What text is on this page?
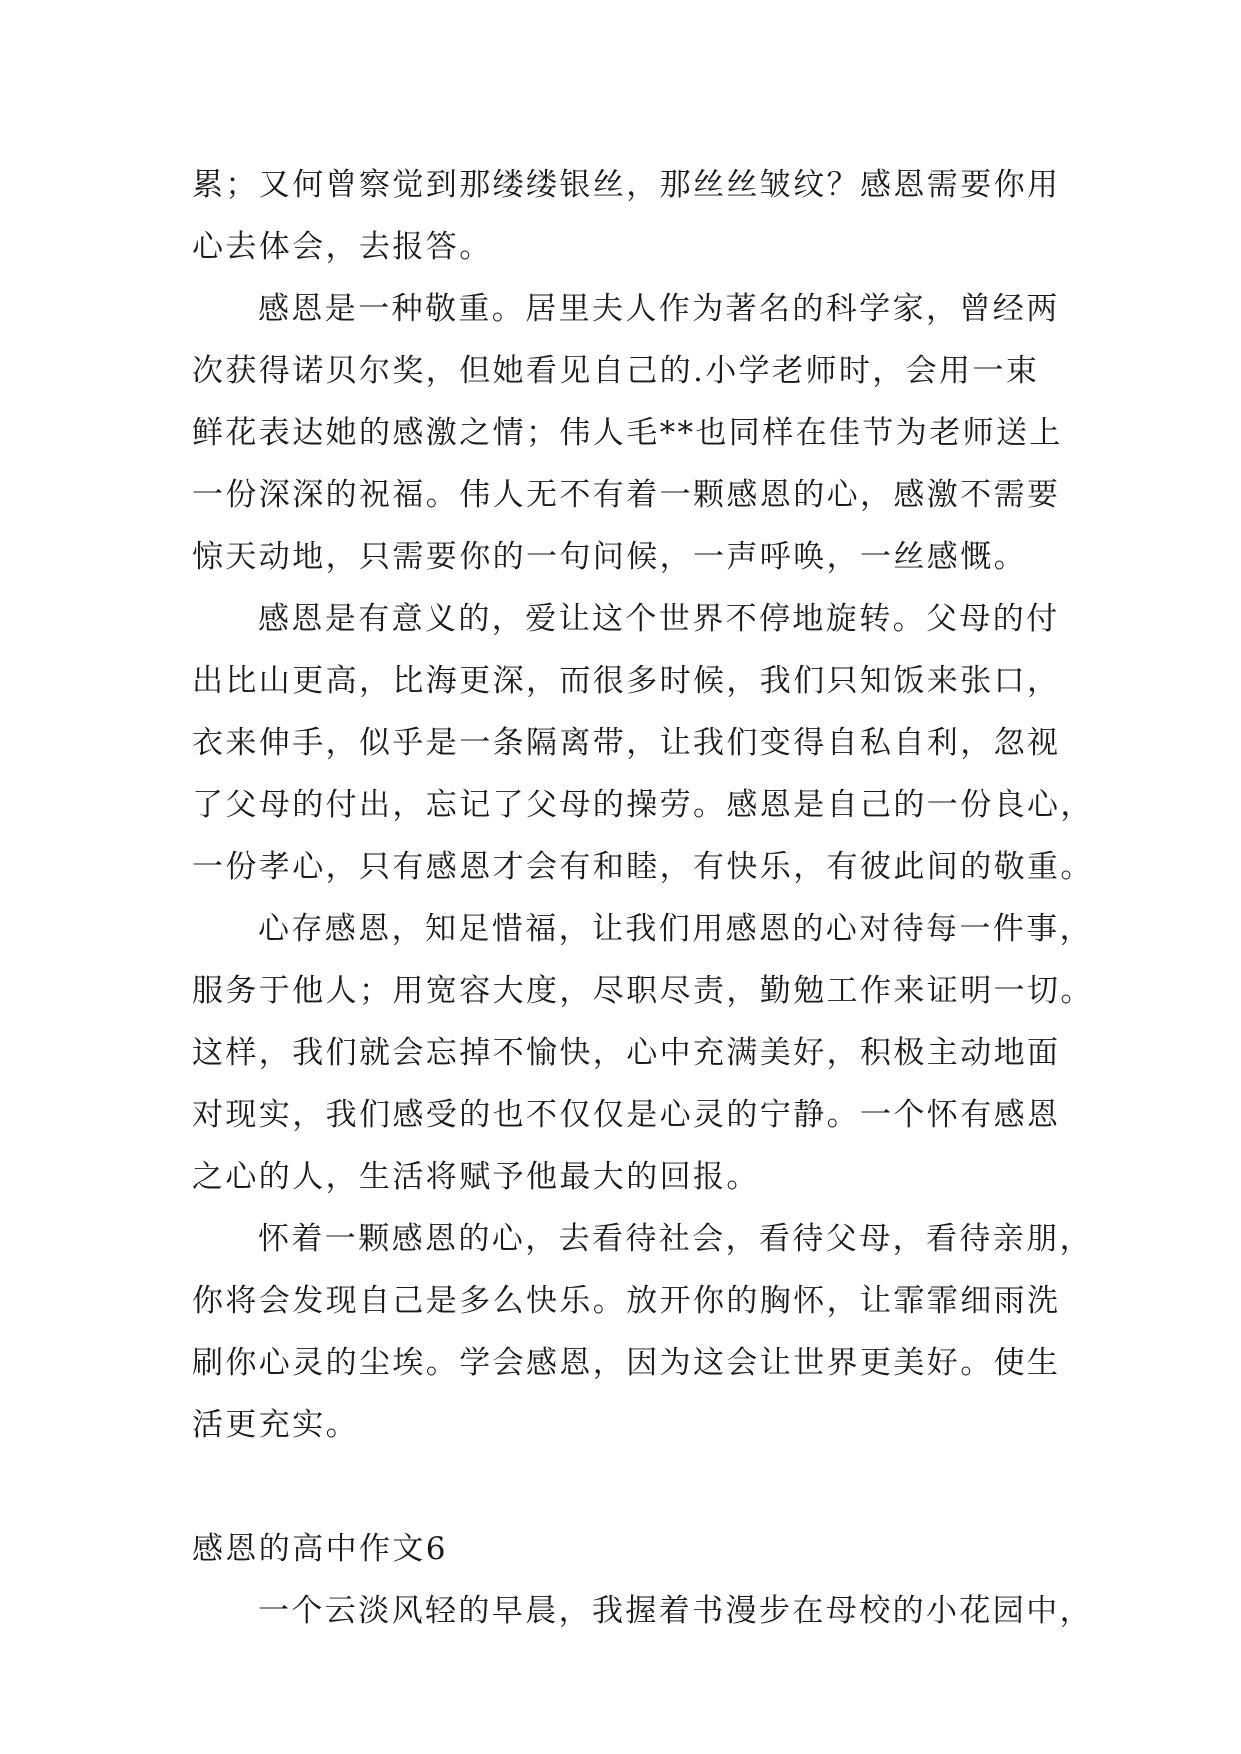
累；又何曾察觉到那缕缕银丝，那丝丝皱纹？感恩需要你用
心去体会，去报答。
感恩是一种敬重。居里夫人作为著名的科学家，曾经两
次获得诺贝尔奖，但她看见自己的.小学老师时，会用一束
鲜花表达她的感激之情；伟人毛**也同样在佳节为老师送上
一份深深的祝福。伟人无不有着一颗感恩的心，感激不需要
惊天动地，只需要你的一句问候，一声呼唤，一丝感慨。
感恩是有意义的，爱让这个世界不停地旋转。父母的付
出比山更高，比海更深，而很多时候，我们只知饭来张口，
衣来伸手，似乎是一条隔离带，让我们变得自私自利，忽视
了父母的付出，忘记了父母的操劳。感恩是自己的一份良心，
一份孝心，只有感恩才会有和睦，有快乐，有彼此间的敬重。
心存感恩，知足惜福，让我们用感恩的心对待每一件事，
服务于他人；用宽容大度，尽职尽责，勤勉工作来证明一切。
这样，我们就会忘掉不愉快，心中充满美好，积极主动地面
对现实，我们感受的也不仅仅是心灵的宁静。一个怀有感恩
之心的人，生活将赋予他最大的回报。
怀着一颗感恩的心，去看待社会，看待父母，看待亲朋，
你将会发现自己是多么快乐。放开你的胸怀，让霏霏细雨洗
刷你心灵的尘埃。学会感恩，因为这会让世界更美好。使生
活更充实。
感恩的高中作文6
一个云淡风轻的早晨，我握着书漫步在母校的小花园中，
